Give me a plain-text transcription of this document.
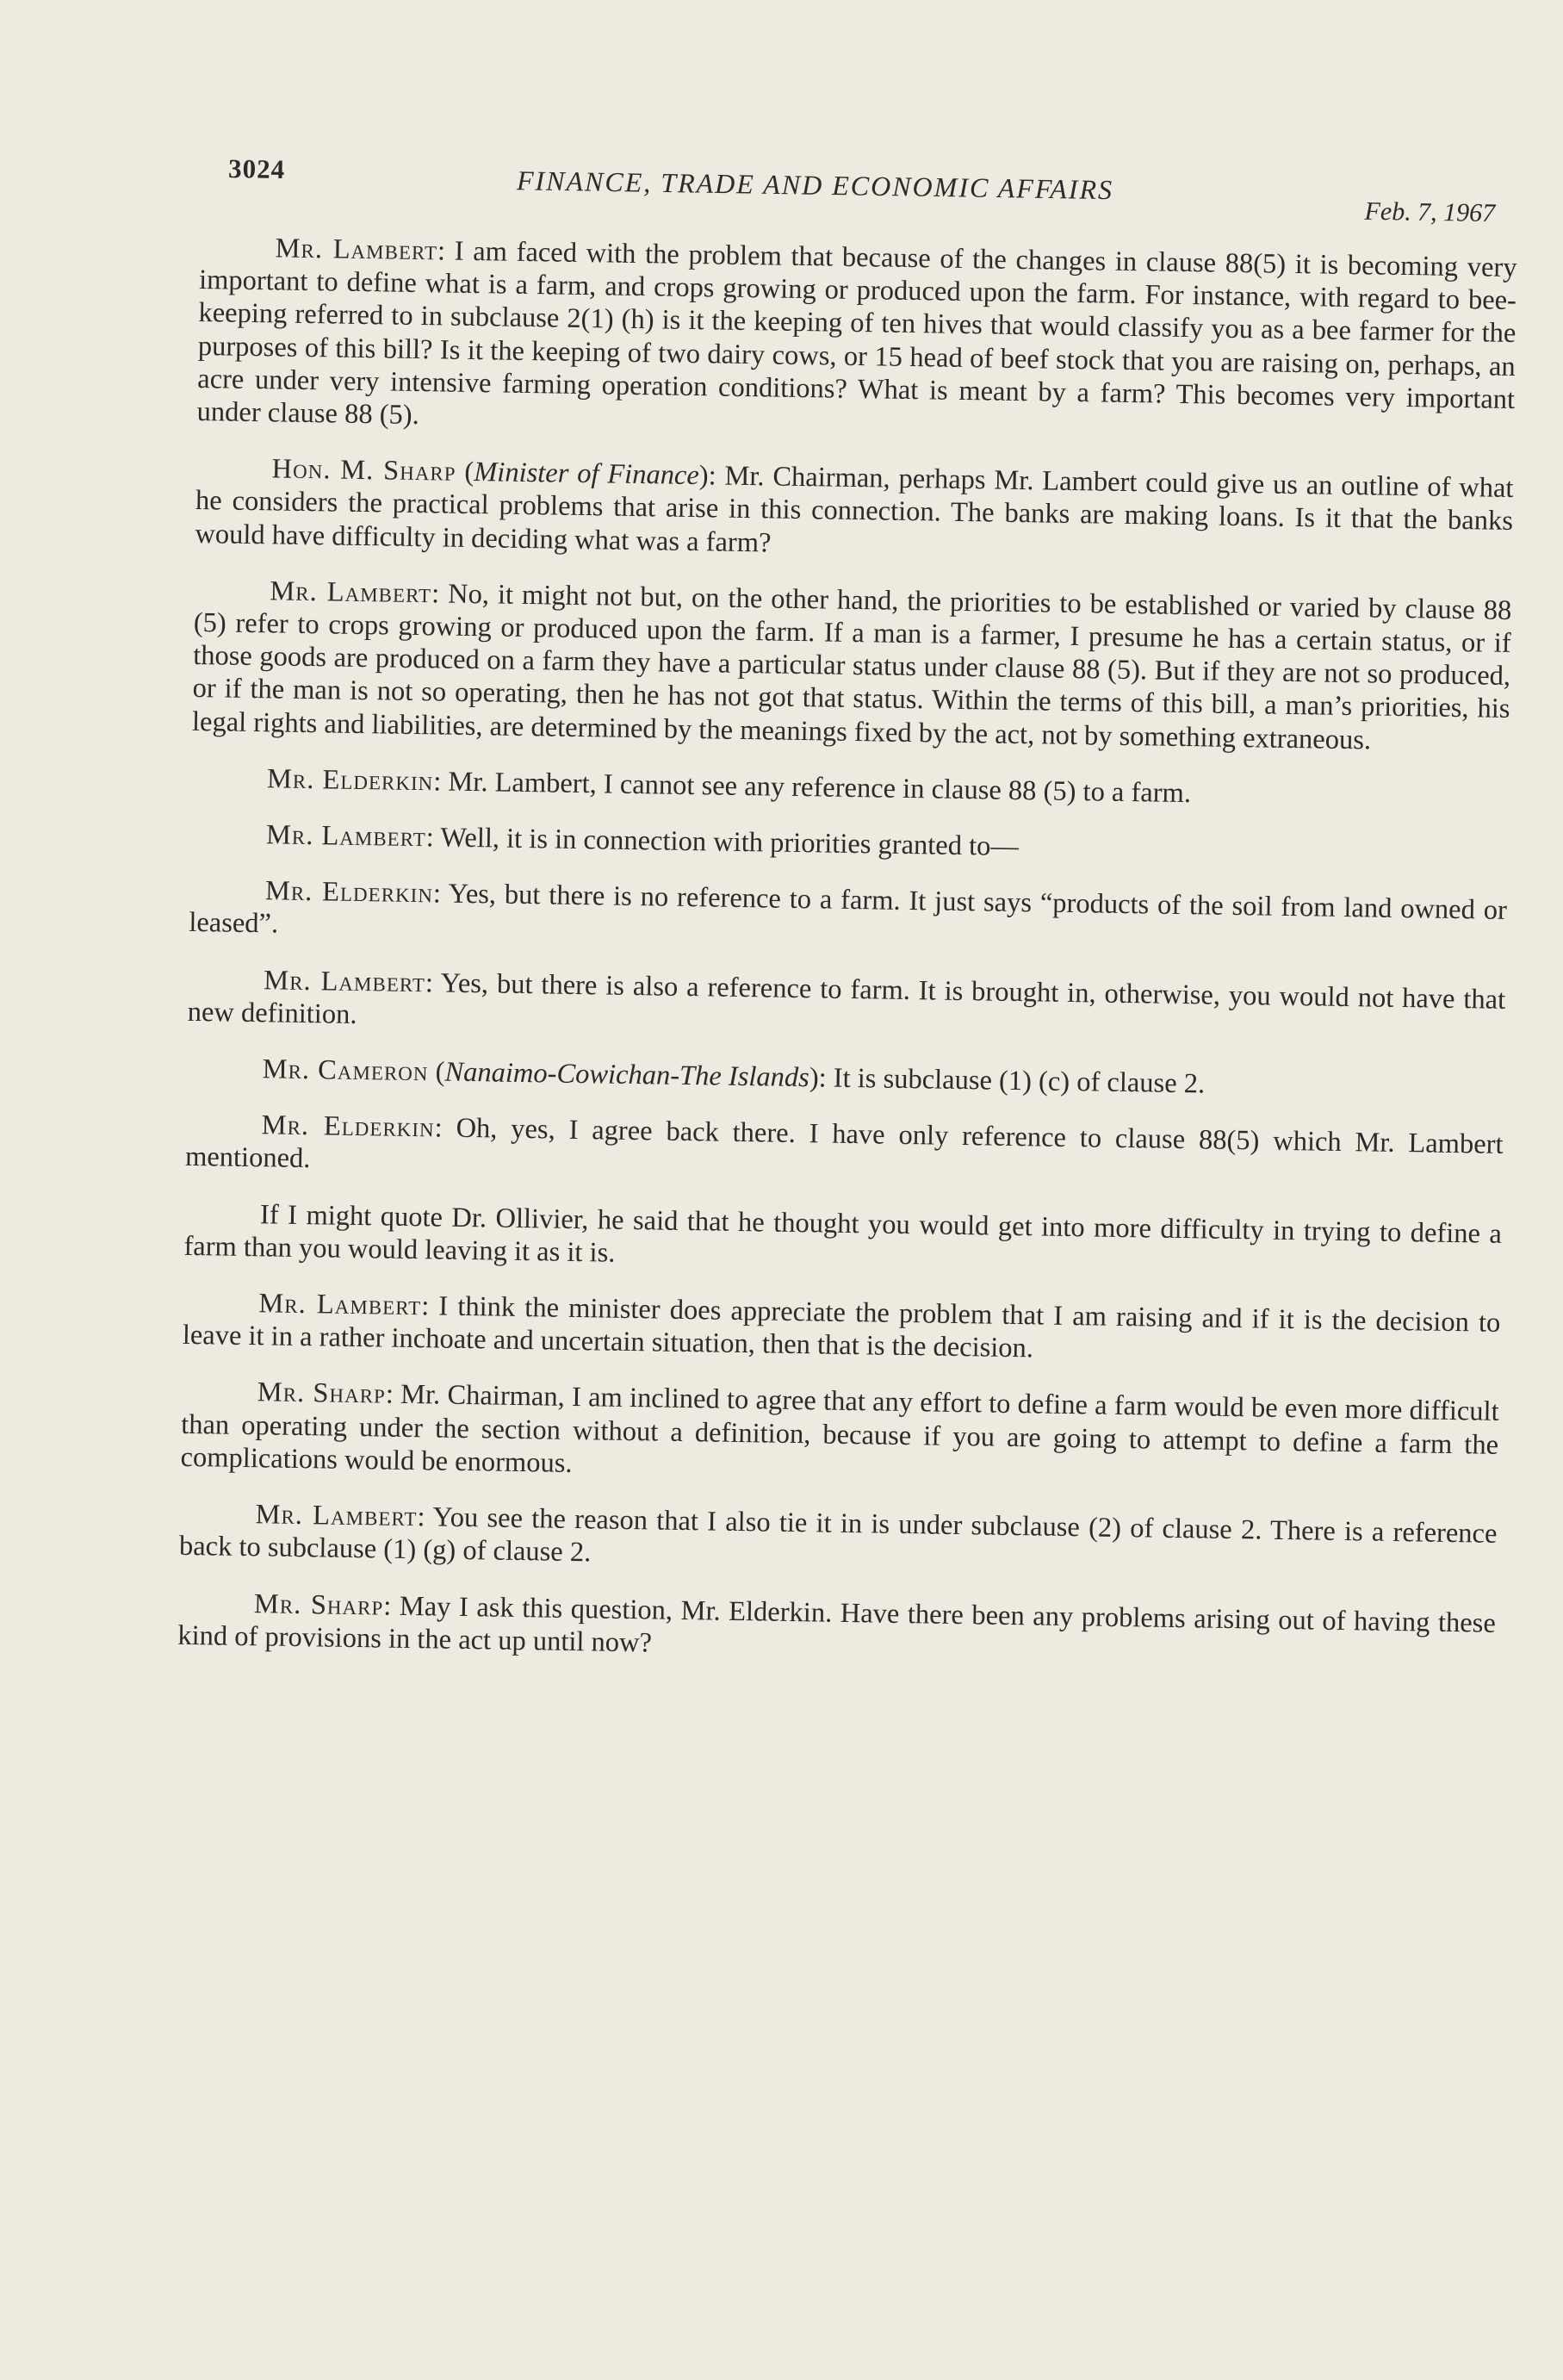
3024	FINANCE, TRADE AND ECONOMIC AFFAIRS
Feb. 7, 1967

Mr. Lambert: I am faced with the problem that because of the changes in clause 88(5) it is becoming very important to define what is a farm, and crops growing or produced upon the farm. For instance, with regard to bee-keeping referred to in subclause 2(1) (h) is it the keeping of ten hives that would classify you as a bee farmer for the purposes of this bill? Is it the keeping of two dairy cows, or 15 head of beef stock that you are raising on, perhaps, an acre under very intensive farming operation conditions? What is meant by a farm? This becomes very important under clause 88 (5).

Hon. M. Sharp (Minister of Finance): Mr. Chairman, perhaps Mr. Lambert could give us an outline of what he considers the practical problems that arise in this connection. The banks are making loans. Is it that the banks would have difficulty in deciding what was a farm?

Mr. Lambert: No, it might not but, on the other hand, the priorities to be established or varied by clause 88 (5) refer to crops growing or produced upon the farm. If a man is a farmer, I presume he has a certain status, or if those goods are produced on a farm they have a particular status under clause 88 (5). But if they are not so produced, or if the man is not so operating, then he has not got that status. Within the terms of this bill, a man’s priorities, his legal rights and liabilities, are determined by the meanings fixed by the act, not by something extraneous.

Mr. Elderkin: Mr. Lambert, I cannot see any reference in clause 88 (5) to a farm.

Mr. Lambert: Well, it is in connection with priorities granted to—

Mr. Elderkin: Yes, but there is no reference to a farm. It just says “products of the soil from land owned or leased”.

Mr. Lambert: Yes, but there is also a reference to farm. It is brought in, otherwise, you would not have that new definition.

Mr. Cameron (Nanaimo-Cowichan-The Islands): It is subclause (1) (c) of clause 2.

Mr. Elderkin: Oh, yes, I agree back there. I have only reference to clause 88(5) which Mr. Lambert mentioned.

If I might quote Dr. Ollivier, he said that he thought you would get into more difficulty in trying to define a farm than you would leaving it as it is.

Mr. Lambert: I think the minister does appreciate the problem that I am raising and if it is the decision to leave it in a rather inchoate and uncertain situation, then that is the decision.

Mr. Sharp: Mr. Chairman, I am inclined to agree that any effort to define a farm would be even more difficult than operating under the section without a definition, because if you are going to attempt to define a farm the complications would be enormous.

Mr. Lambert: You see the reason that I also tie it in is under subclause (2) of clause 2. There is a reference back to subclause (1) (g) of clause 2.

Mr. Sharp: May I ask this question, Mr. Elderkin. Have there been any problems arising out of having these kind of provisions in the act up until now?
